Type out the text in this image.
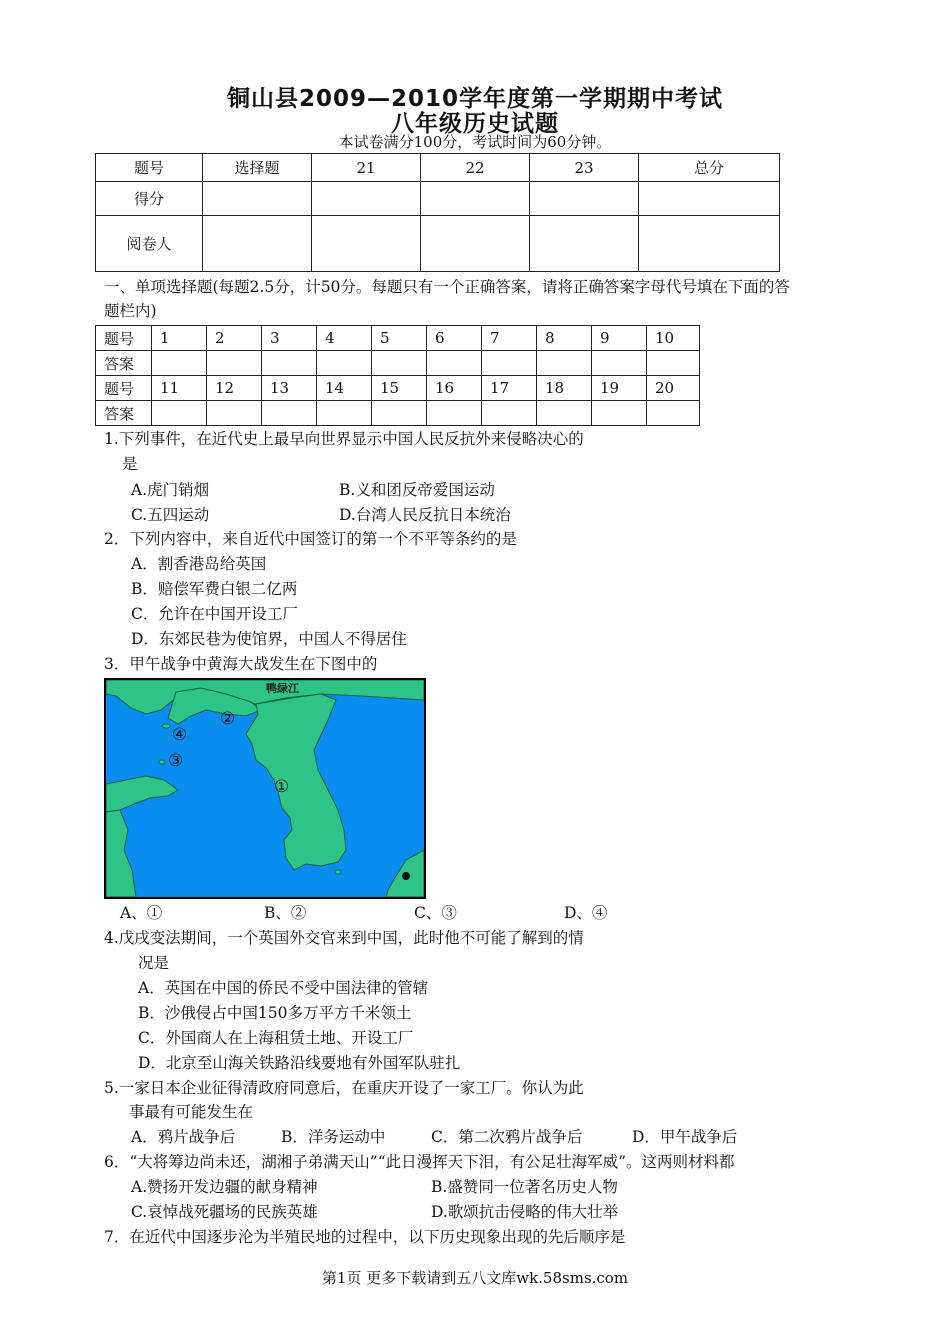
铜山县2009—2010学年度第一学期期中考试
八年级历史试题
本试卷满分100分，考试时间为60分钟。
题号	选择题	21	22	23	总分
得分					
阅卷人					
一、单项选择题(每题2.5分，计50分。每题只有一个正确答案，请将正确答案字母代号填在下面的答
题栏内)
题号	1	2	3	4	5	6	7	8	9	10
答案										
题号	11	12	13	14	15	16	17	18	19	20
答案										
1.下列事件，在近代史上最早向世界显示中国人民反抗外来侵略决心的
是
A.虎门销烟	B.义和团反帝爱国运动
C.五四运动	D.台湾人民反抗日本统治
2．下列内容中，来自近代中国签订的第一个不平等条约的是
A．割香港岛给英国
B．赔偿军费白银二亿两
C．允许在中国开设工厂
D．东郊民巷为使馆界，中国人不得居住
3．甲午战争中黄海大战发生在下图中的
鸭绿江
①
②
③
④
A、①	B、②	C、③	D、④
4.戊戌变法期间，一个英国外交官来到中国，此时他不可能了解到的情
况是
A．英国在中国的侨民不受中国法律的管辖
B．沙俄侵占中国150多万平方千米领土
C．外国商人在上海租赁土地、开设工厂
D．北京至山海关铁路沿线要地有外国军队驻扎
5.一家日本企业征得清政府同意后，在重庆开设了一家工厂。你认为此
事最有可能发生在
A．鸦片战争后	B．洋务运动中	C．第二次鸦片战争后	D．甲午战争后
6．“大将筹边尚未还，湖湘子弟满天山”“此日漫挥天下泪，有公足壮海军威”。这两则材料都
A.赞扬开发边疆的献身精神	B.盛赞同一位著名历史人物
C.哀悼战死疆场的民族英雄	D.歌颂抗击侵略的伟大壮举
7．在近代中国逐步沦为半殖民地的过程中，以下历史现象出现的先后顺序是
第1页 更多下载请到五八文库wk.58sms.com
